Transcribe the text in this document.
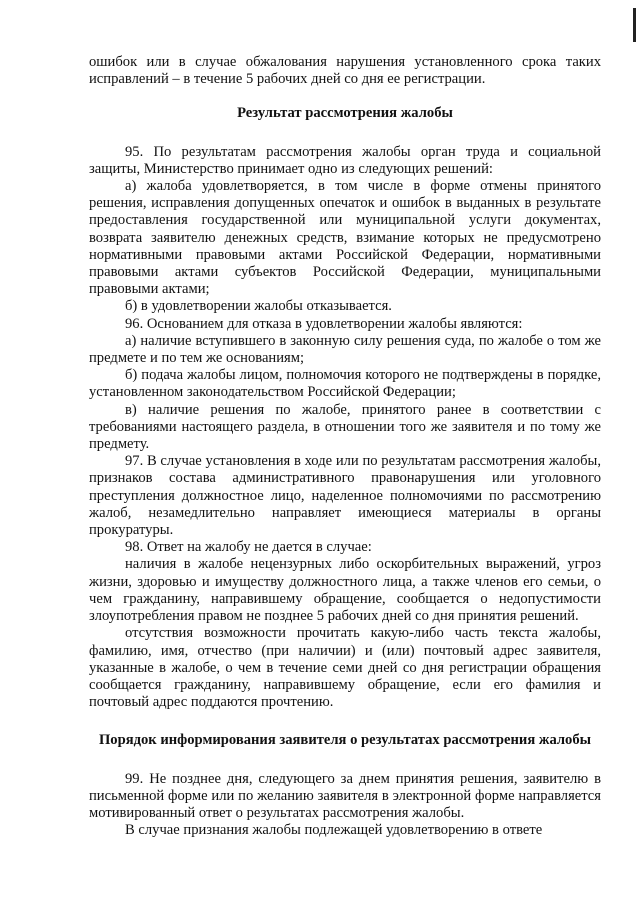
ошибок или в случае обжалования нарушения установленного срока таких исправлений – в течение 5 рабочих дней со дня ее регистрации.

Результат рассмотрения жалобы

95. По результатам рассмотрения жалобы орган труда и социальной защиты, Министерство принимает одно из следующих решений:

а) жалоба удовлетворяется, в том числе в форме отмены принятого решения, исправления допущенных опечаток и ошибок в выданных в результате предоставления государственной или муниципальной услуги документах, возврата заявителю денежных средств, взимание которых не предусмотрено нормативными правовыми актами Российской Федерации, нормативными правовыми актами субъектов Российской Федерации, муниципальными правовыми актами;

б) в удовлетворении жалобы отказывается.

96. Основанием для отказа в удовлетворении жалобы являются:

а) наличие вступившего в законную силу решения суда, по жалобе о том же предмете и по тем же основаниям;

б) подача жалобы лицом, полномочия которого не подтверждены в порядке, установленном законодательством Российской Федерации;

в) наличие решения по жалобе, принятого ранее в соответствии с требованиями настоящего раздела, в отношении того же заявителя и по тому же предмету.

97. В случае установления в ходе или по результатам рассмотрения жалобы, признаков состава административного правонарушения или уголовного преступления должностное лицо, наделенное полномочиями по рассмотрению жалоб, незамедлительно направляет имеющиеся материалы в органы прокуратуры.

98. Ответ на жалобу не дается в случае:

наличия в жалобе нецензурных либо оскорбительных выражений, угроз жизни, здоровью и имуществу должностного лица, а также членов его семьи, о чем гражданину, направившему обращение, сообщается о недопустимости злоупотребления правом не позднее 5 рабочих дней со дня принятия решений.

отсутствия возможности прочитать какую-либо часть текста жалобы, фамилию, имя, отчество (при наличии) и (или) почтовый адрес заявителя, указанные в жалобе, о чем в течение семи дней со дня регистрации обращения сообщается гражданину, направившему обращение, если его фамилия и почтовый адрес поддаются прочтению.

Порядок информирования заявителя о результатах рассмотрения жалобы

99. Не позднее дня, следующего за днем принятия решения, заявителю в письменной форме или по желанию заявителя в электронной форме направляется мотивированный ответ о результатах рассмотрения жалобы.

В случае признания жалобы подлежащей удовлетворению в ответе
